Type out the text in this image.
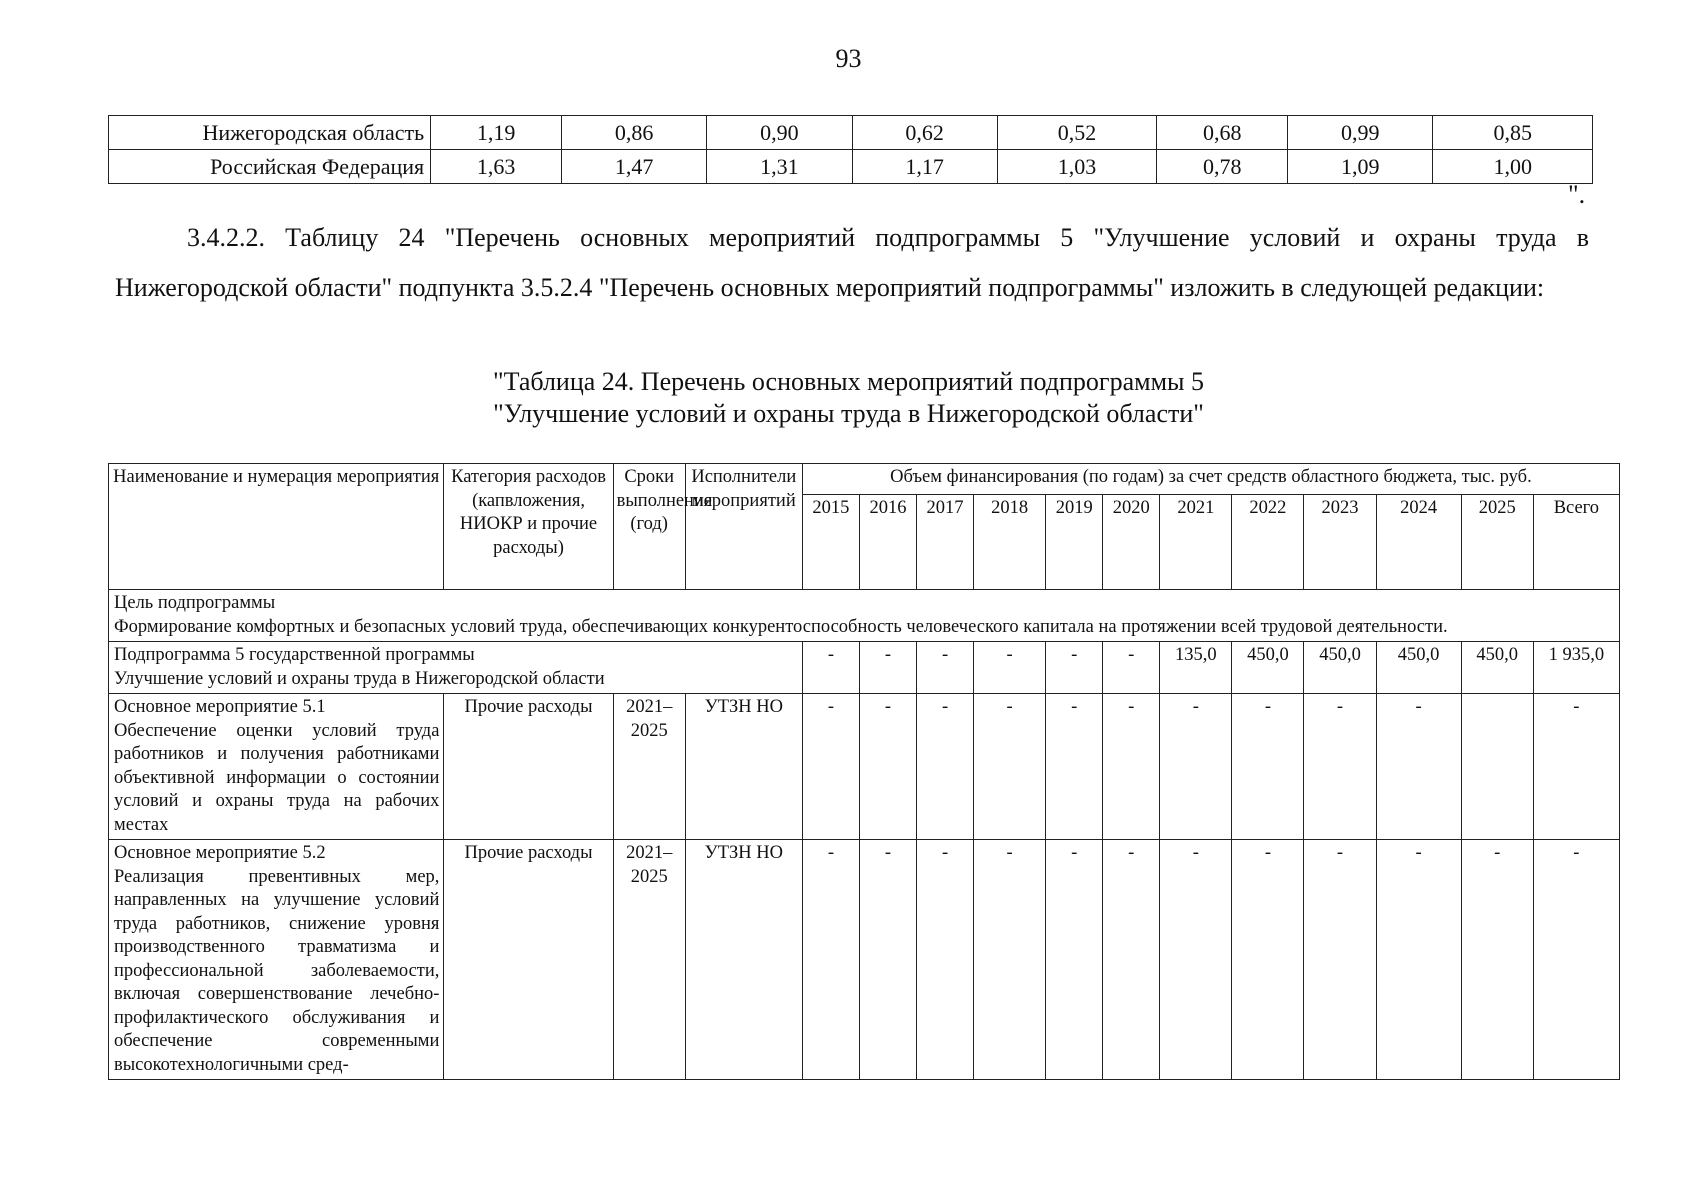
93
Нижегородская область	1,19	0,86	0,90	0,62	0,52	0,68	0,99	0,85
Российская Федерация	1,63	1,47	1,31	1,17	1,03	0,78	1,09	1,00
".

3.4.2.2. Таблицу 24 "Перечень основных мероприятий подпрограммы 5 "Улучшение условий и охраны труда в Нижегородской области" подпункта 3.5.2.4 "Перечень основных мероприятий подпрограммы" изложить в следующей редакции:

"Таблица 24. Перечень основных мероприятий подпрограммы 5
"Улучшение условий и охраны труда в Нижегородской области"
Наименование и нумерация мероприятия	Категория расходов (капвложения, НИОКР и прочие расходы)	Сроки выполнения (год)	Исполнители мероприятий	Объем финансирования (по годам) за счет средств областного бюджета, тыс. руб.											
				2015	2016	2017	2018	2019	2020	2021	2022	2023	2024	2025	Всего

Цель подпрограммы
Формирование комфортных и безопасных условий труда, обеспечивающих конкурентоспособность человеческого капитала на протяжении всей трудовой деятельности.															

Подпрограмма 5 государственной программы
Улучшение условий и охраны труда в Нижегородской области				-	-	-	-	-	-	135,0	450,0	450,0	450,0	450,0	1 935,0

Основное мероприятие 5.1
Обеспечение оценки условий труда работников и получения работниками объективной информации о состоянии условий и охраны труда на рабочих местах	Прочие расходы	2021–2025	УТЗН НО	-	-	-	-	-	-	-	-	-	-		-

Основное мероприятие 5.2
Реализация превентивных мер, направленных на улучшение условий труда работников, снижение уровня производственного травматизма и профессиональной заболеваемости, включая совершенствование лечебно-профилактического обслуживания и обеспечение современными высокотехнологичными сред-	Прочие расходы	2021–2025	УТЗН НО	-	-	-	-	-	-	-	-	-	-	-	-
